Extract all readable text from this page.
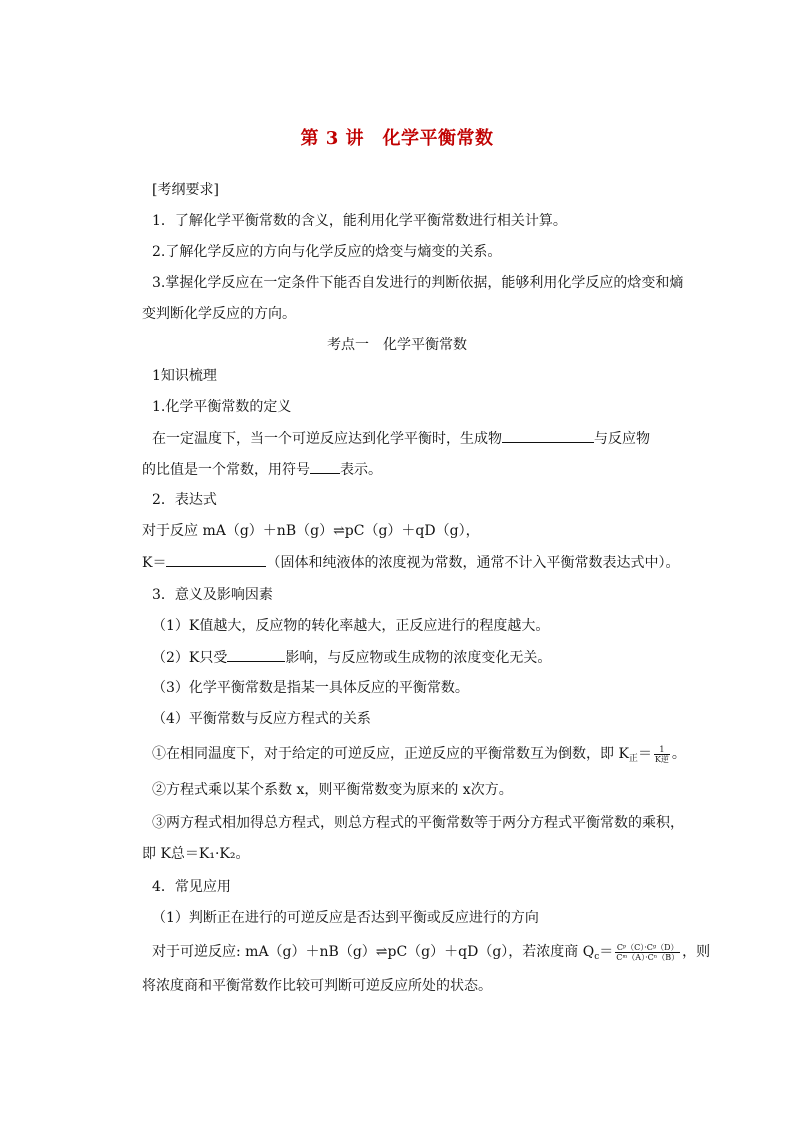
第 3 讲　化学平衡常数
[考纲要求]
1．了解化学平衡常数的含义，能利用化学平衡常数进行相关计算。
2.了解化学反应的方向与化学反应的焓变与熵变的关系。
3.掌握化学反应在一定条件下能否自发进行的判断依据，能够利用化学反应的焓变和熵
变判断化学反应的方向。
考点一　化学平衡常数
1知识梳理
1.化学平衡常数的定义
在一定温度下，当一个可逆反应达到化学平衡时，生成物	与反应物
的比值是一个常数，用符号 表示。
2．表达式
对于反应 mA（g）＋nB（g）⇌pC（g）＋qD（g），
K＝	（固体和纯液体的浓度视为常数，通常不计入平衡常数表达式中）。
3．意义及影响因素
（1）K值越大，反应物的转化率越大，正反应进行的程度越大。
（2）K只受	影响，与反应物或生成物的浓度变化无关。
（3）化学平衡常数是指某一具体反应的平衡常数。
（4）平衡常数与反应方程式的关系
①在相同温度下，对于给定的可逆反应，正逆反应的平衡常数互为倒数，即 $K_正= \frac{1}{\text{K逆}}$ 。
②方程式乘以某个系数 x，则平衡常数变为原来的 x次方。
③两方程式相加得总方程式，则总方程式的平衡常数等于两分方程式平衡常数的乘积，
即 K总＝K₁·K₂。
4．常见应用
（1）判断正在进行的可逆反应是否达到平衡或反应进行的方向
对于可逆反应: mA（g）＋nB（g）⇌pC（g）＋qD（g），若浓度商 $Q_c= \frac{\text{Cᵖ（C）·Cᵍ（D）}}{\text{Cᵐ（A）·Cⁿ（B）}}$ ，则
将浓度商和平衡常数作比较可判断可逆反应所处的状态。
